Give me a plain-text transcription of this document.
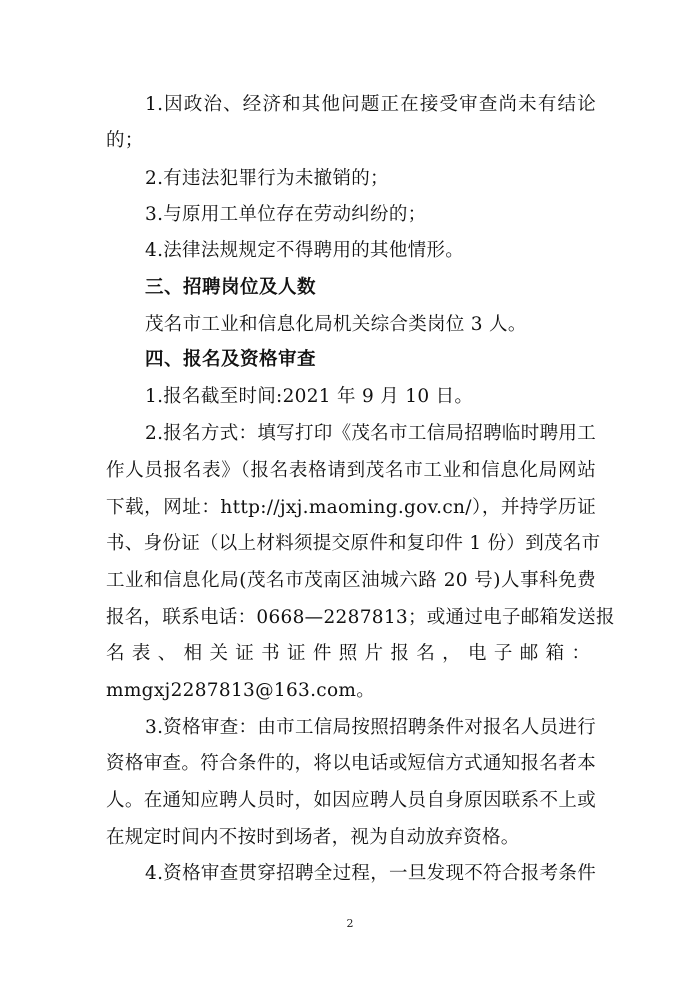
1.因政治、经济和其他问题正在接受审查尚未有结论
的；
2.有违法犯罪行为未撤销的；
3.与原用工单位存在劳动纠纷的；
4.法律法规规定不得聘用的其他情形。
三、招聘岗位及人数
茂名市工业和信息化局机关综合类岗位 3 人。
四、报名及资格审查
1.报名截至时间:2021 年 9 月 10 日。
2.报名方式：填写打印《茂名市工信局招聘临时聘用工
作人员报名表》（报名表格请到茂名市工业和信息化局网站
下载，网址：http://jxj.maoming.gov.cn/），并持学历证
书、身份证（以上材料须提交原件和复印件 1 份）到茂名市
工业和信息化局(茂名市茂南区油城六路 20 号)人事科免费
报名，联系电话：0668—2287813；或通过电子邮箱发送报
名表、相关证书证件照片报名，电子邮箱：
mmgxj2287813@163.com。
3.资格审查：由市工信局按照招聘条件对报名人员进行
资格审查。符合条件的，将以电话或短信方式通知报名者本
人。在通知应聘人员时，如因应聘人员自身原因联系不上或
在规定时间内不按时到场者，视为自动放弃资格。
4.资格审查贯穿招聘全过程，一旦发现不符合报考条件
2
